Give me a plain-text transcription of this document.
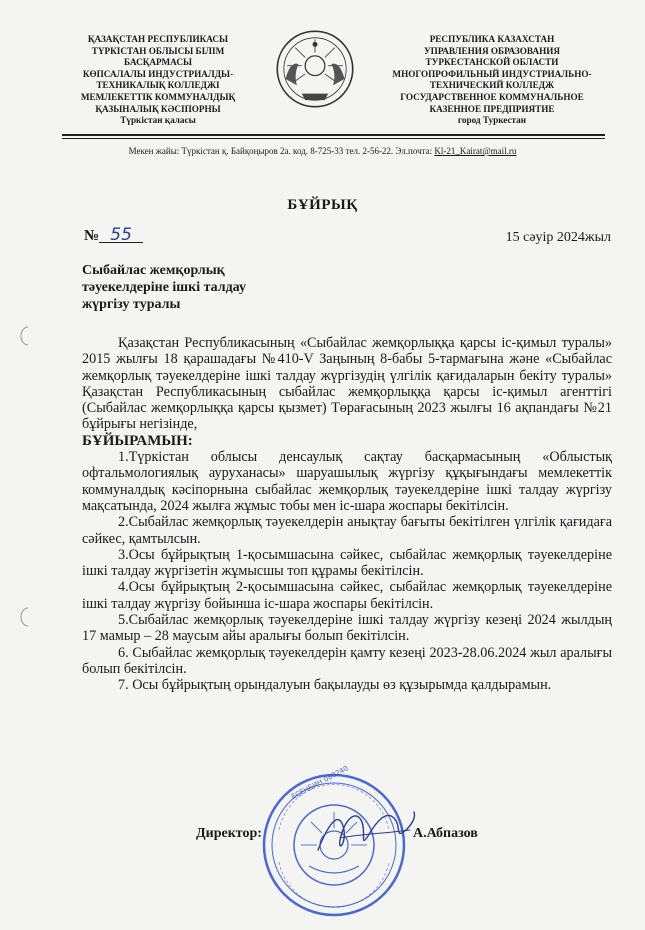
ҚАЗАҚСТАН РЕСПУБЛИКАСЫ
ТҮРКІСТАН ОБЛЫСЫ БІЛІМ
БАСҚАРМАСЫ
КӨПСАЛАЛЫ ИНДУСТРИАЛДЫ-
ТЕХНИКАЛЫҚ КОЛЛЕДЖІ
МЕМЛЕКЕТТІК КОММУНАЛДЫҚ
ҚАЗЫНАЛЫҚ КӘСІПОРНЫ
Түркістан қаласы
РЕСПУБЛИКА КАЗАХСТАН
УПРАВЛЕНИЯ ОБРАЗОВАНИЯ
ТУРКЕСТАНСКОЙ ОБЛАСТИ
МНОГОПРОФИЛЬНЫЙ ИНДУСТРИАЛЬНО-
ТЕХНИЧЕСКИЙ КОЛЛЕДЖ
ГОСУДАРСТВЕННОЕ КОММУНАЛЬНОЕ
КАЗЕННОЕ ПРЕДПРИЯТИЕ
город Туркестан
Мекен жайы: Түркістан қ. Байқоңыров 2а. код. 8-725-33 тел. 2-56-22. Эл.почта: Kl-21_Kairat@mail.ru
БҰЙРЫҚ
№ 55	15 сәуір 2024жыл
Сыбайлас жемқорлық
тәуекелдеріне ішкі талдау
жүргізу туралы

Қазақстан Республикасының «Сыбайлас жемқорлыққа қарсы іс-қимыл туралы» 2015 жылғы 18 қарашадағы №410-V Заңының 8-бабы 5-тармағына және «Сыбайлас жемқорлық тәуекелдеріне ішкі талдау жүргізудің үлгілік қағидаларын бекіту туралы» Қазақстан Республикасының сыбайлас жемқорлыққа қарсы іс-қимыл агенттігі (Сыбайлас жемқорлыққа қарсы қызмет) Төрағасының 2023 жылғы 16 ақпандағы №21 бұйрығы негізінде,

БҰЙЫРАМЫН:

1.Түркістан облысы денсаулық сақтау басқармасының «Облыстық офтальмологиялық ауруханасы» шаруашылық жүргізу құқығындағы мемлекеттік коммуналдық кәсіпорнына сыбайлас жемқорлық тәуекелдеріне ішкі талдау жүргізу мақсатында, 2024 жылға жұмыс тобы мен іс-шара жоспары бекітілсін.

2.Сыбайлас жемқорлық тәуекелдерін анықтау бағыты бекітілген үлгілік қағидаға сәйкес, қамтылсын.

3.Осы бұйрықтың 1-қосымшасына сәйкес, сыбайлас жемқорлық тәуекелдеріне ішкі талдау жүргізетін жұмысшы топ құрамы бекітілсін.

4.Осы бұйрықтың 2-қосымшасына сәйкес, сыбайлас жемқорлық тәуекелдеріне ішкі талдау жүргізу бойынша іс-шара жоспары бекітілсін.

5.Сыбайлас жемқорлық тәуекелдеріне ішкі талдау жүргізу кезеңі 2024 жылдың 17 мамыр – 28 маусым айы аралығы болып бекітілсін.

6. Сыбайлас жемқорлық тәуекелдерін қамту кезеңі 2023-28.06.2024 жыл аралығы болып бекітілсін.

7. Осы бұйрықтың орындалуын бақылауды өз құзырымда қалдырамын.

ЕСЕНБИН 080240
Директор:	А.Абпазов
